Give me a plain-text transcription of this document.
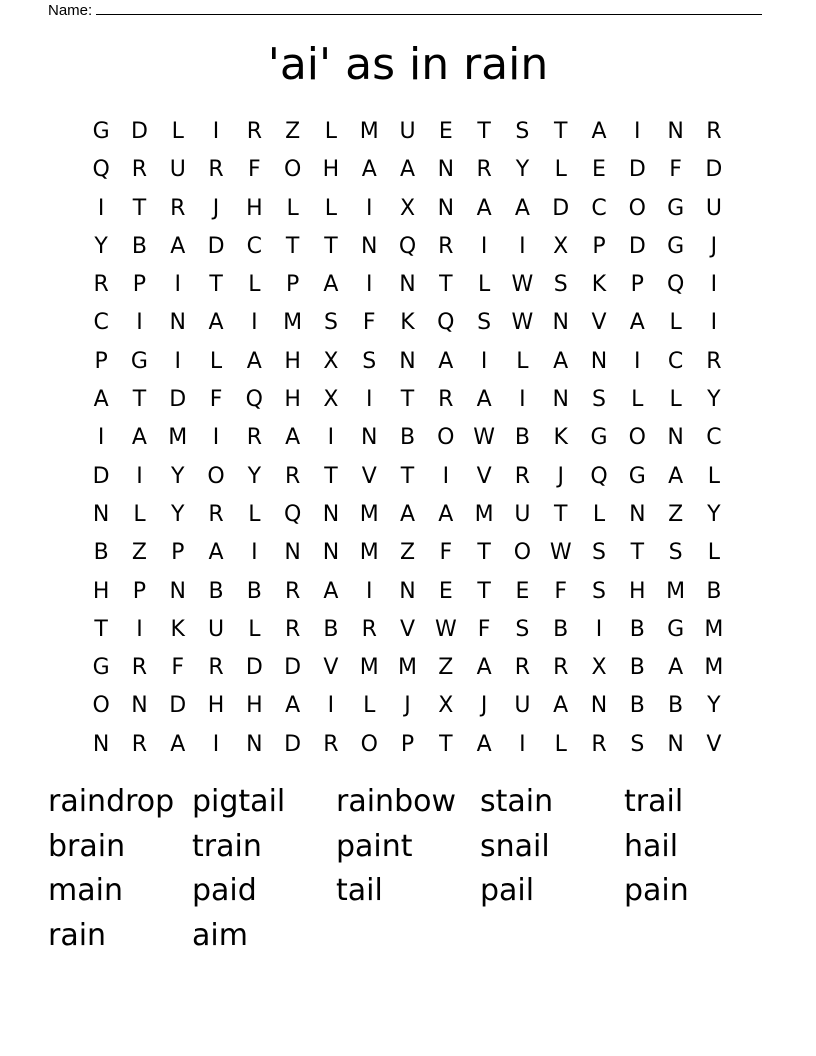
Name:
'ai' as in rain
G D	L	I	R	Z	L	M U	E	T	S	T	A	I	N	R
Q R	U	R	F	O H	A	A	N	R	Y	L	E	D	F	D
I	T	R	J	H	L	L	I	X	N	A	A	D	C O G U
Y	B	A	D	C	T	T	N Q R	I	I	X	P	D G	J
R	P	I	T	L	P	A	I	N	T	L W S	K	P	Q	I
C	I	N	A	I	M S	F	K	Q	S W N	V	A	L	I
P	G	I	L	A	H	X	S	N	A	I	L	A	N	I	C	R
A	T	D	F	Q H	X	I	T	R	A	I	N	S	L	L	Y
I	A M	I	R	A	I	N	B	O W B	K	G O N	C
D	I	Y	O	Y	R	T	V	T	I	V	R	J	Q G	A	L
N	L	Y	R	L	Q N M A	A M U	T	L	N	Z	Y
B	Z	P	A	I	N N M Z	F	T	O W S	T	S	L
H	P	N	B	B	R	A	I	N	E	T	E	F	S	H M B
T	I	K	U	L	R	B	R	V W F	S	B	I	B	G M
G	R	F	R	D D	V M M Z	A	R	R	X	B	A M
O N D H H	A	I	L	J	X	J	U	A	N	B	B	Y
N	R	A	I	N D	R O	P	T	A	I	L	R	S	N	V
raindrop pigtail	rainbow stain	trail
brain	train	paint	snail	hail
main	paid	tail	pail	pain
rain	aim
